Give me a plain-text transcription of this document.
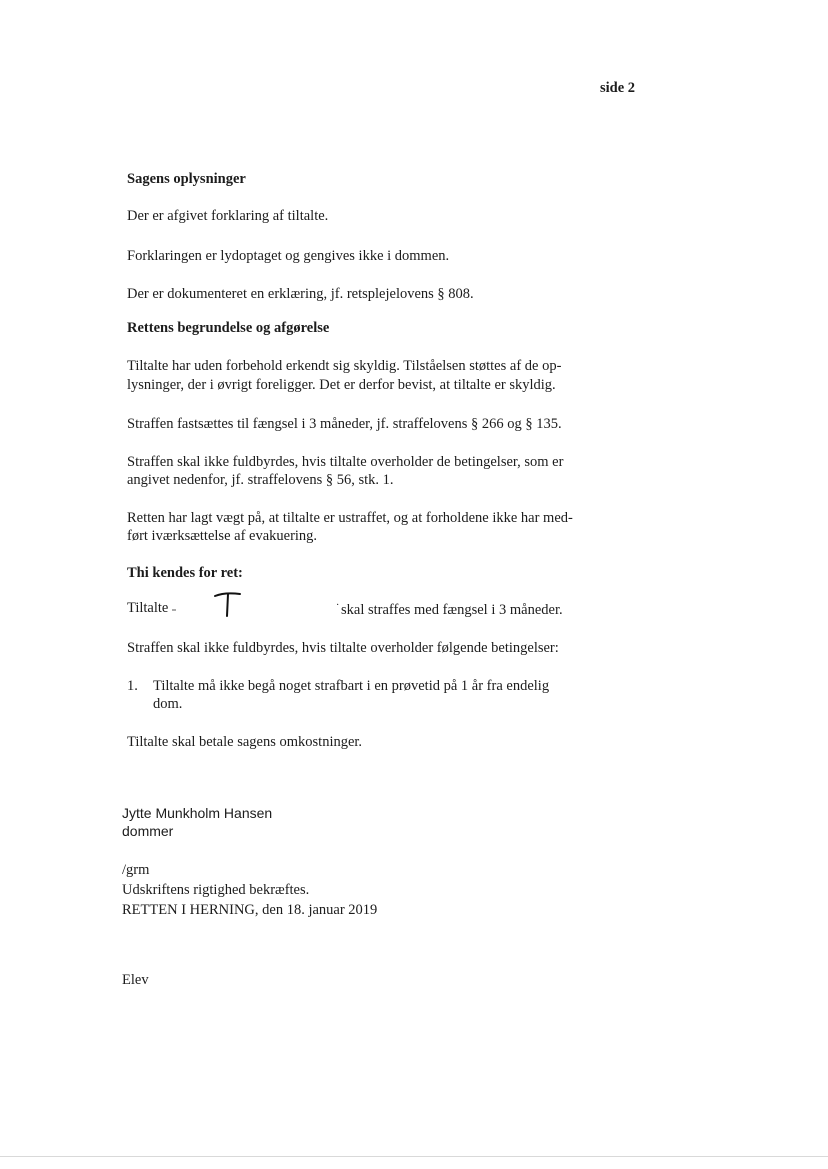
side 2
Sagens oplysninger
Der er afgivet forklaring af tiltalte.
Forklaringen er lydoptaget og gengives ikke i dommen.
Der er dokumenteret en erklæring, jf. retsplejelovens § 808.
Rettens begrundelse og afgørelse
Tiltalte har uden forbehold erkendt sig skyldig. Tilståelsen støttes af de op-
lysninger, der i øvrigt foreligger. Det er derfor bevist, at tiltalte er skyldig.
Straffen fastsættes til fængsel i 3 måneder, jf. straffelovens § 266 og § 135.
Straffen skal ikke fuldbyrdes, hvis tiltalte overholder de betingelser, som er
angivet nedenfor, jf. straffelovens § 56, stk. 1.
Retten har lagt vægt på, at tiltalte er ustraffet, og at forholdene ikke har med-
ført iværksættelse af evakuering.
Thi kendes for ret:
Tiltalte	· skal straffes med fængsel i 3 måneder.
Straffen skal ikke fuldbyrdes, hvis tiltalte overholder følgende betingelser:
1. Tiltalte må ikke begå noget strafbart i en prøvetid på 1 år fra endelig
dom.
Tiltalte skal betale sagens omkostninger.
Jytte Munkholm Hansen
dommer
/grm
Udskriftens rigtighed bekræftes.
RETTEN I HERNING, den 18. januar 2019
Elev
